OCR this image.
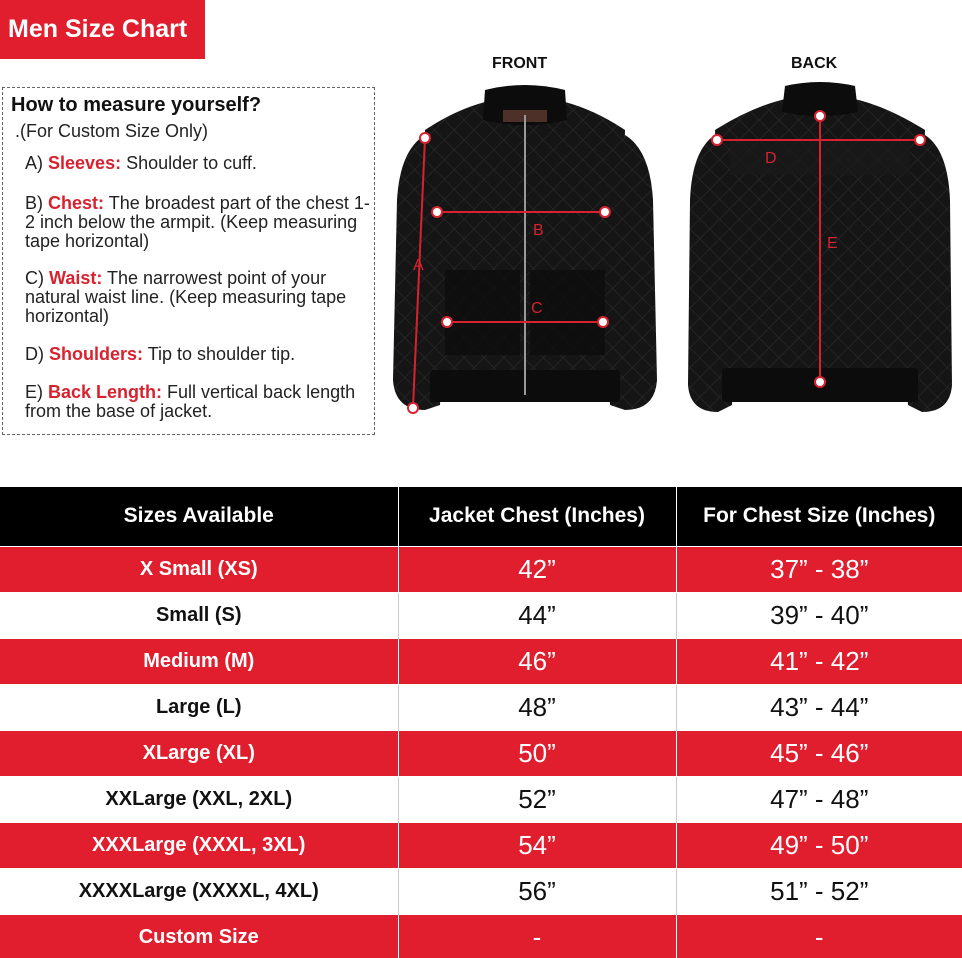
Men Size Chart
How to measure yourself?
.(For Custom Size Only)
A) Sleeves: Shoulder to cuff.
B) Chest: The broadest part of the chest 1-2 inch below the armpit. (Keep measuring tape horizontal)
C) Waist: The narrowest point of your natural waist line. (Keep measuring tape horizontal)
D) Shoulders: Tip to shoulder tip.
E) Back Length: Full vertical back length from the base of jacket.
FRONT	BACK
A
B
C
D
E
Sizes Available	Jacket Chest (Inches)	For Chest Size (Inches)
X Small (XS)	42”	37” - 38”
Small (S)	44”	39” - 40”
Medium (M)	46”	41” - 42”
Large (L)	48”	43” - 44”
XLarge (XL)	50”	45” - 46”
XXLarge (XXL, 2XL)	52”	47” - 48”
XXXLarge (XXXL, 3XL)	54”	49” - 50”
XXXXLarge (XXXXL, 4XL)	56”	51” - 52”
Custom Size	-	-
